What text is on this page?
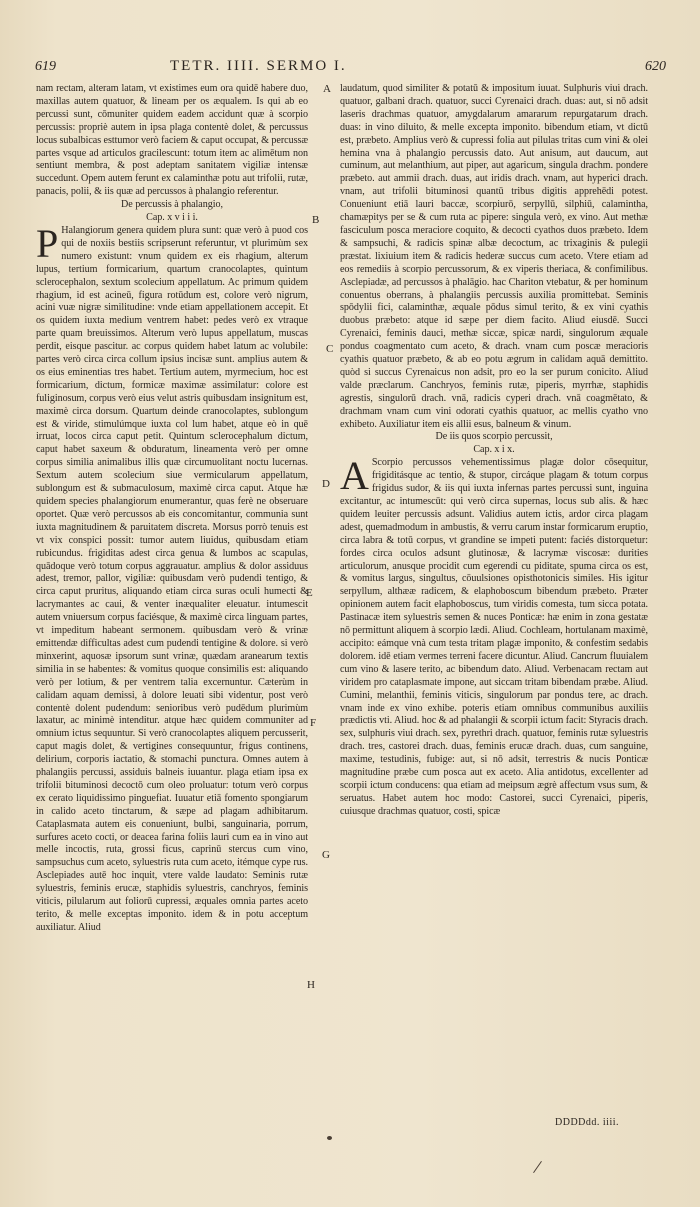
619	TETR. IIII. SERMO I.	620

nam rectam, alteram latam, vt existimes eum ora quidē habere duo, maxillas autem quatuor, & lineam per os æqualem. Is qui ab eo percussi sunt, cōmuniter quidem eadem accidunt quæ à scorpio percussis: propriè autem in ipsa plaga contentè dolet, & percussus locus subalbicas esttumor verò faciem & caput occupat, & percussæ partes vsque ad articulos gracilescunt: totum item ac alimētum non sentiunt membra, & post adeptam sanitatem vigiliæ intensæ succedunt. Opem autem ferunt ex calaminthæ potu aut trifolii, rutæ, panacis, polii, & iis quæ ad percussos à phalangio referentur.

De percussis à phalangio,

Cap. x v i i i.

P Halangiorum genera quidem plura sunt: quæ verò à puod cos qui de noxiis bestiis scripserunt referuntur, vt plurimùm sex numero existunt: vnum quidem ex eis rhagium, alterum lupus, tertium formicarium, quartum cranocolaptes, quintum sclerocephalon, sextum scolecium appellatum. Ac primum quidem rhagium, id est acineū, figura rotūdum est, colore verò nigrum, acini vuæ nigræ similitudine: vnde etiam appellationem accepit. Et os quidem iuxta medium ventrem habet: pedes verò ex vtraque parte quam breuissimos. Alterum verò lupus appellatum, muscas perdit, eisque pascitur. ac corpus quidem habet latum ac volubile: partes verò circa circa collum ipsius incisæ sunt. amplius autem & os eius eminentias tres habet. Tertium autem, myrmecium, hoc est formicarium, dictum, formicæ maximæ assimilatur: colore est fuliginosum, corpus verò eius velut astris quibusdam insignitum est, maximè circa dorsum. Quartum deinde cranocolaptes, sublongum est & viride, stimulúmque iuxta col lum habet, atque eò in quē irruat, locos circa caput petit. Quintum sclerocephalum dictum, caput habet saxeum & obduratum, lineamenta verò per omne corpus similia animalibus illis quæ circumuolitant noctu lucernas. Sextum autem scolecium siue vermicularum appellatum, sublongum est & submaculosum, maximè circa caput. Atque hæ quidem species phalangiorum enumerantur, quas ferè ne obseruare oportet. Quæ verò percussos ab eis concomitantur, communia sunt iuxta magnitudinem & paruitatem discreta. Morsus porrò tenuis est vt vix conspici possit: tumor autem liuidus, quibusdam etiam rubicundus. frigiditas adest circa genua & lumbos ac scapulas, quādoque verò totum corpus aggrauatur. amplius & dolor assiduus adest, tremor, pallor, vigiliæ: quibusdam verò pudendi tentigo, & circa caput pruritus, aliquando etiam circa suras oculi humecti & lacrymantes ac caui, & venter inæqualiter eleuatur. intumescit autem vniuersum corpus faciésque, & maximè circa linguam partes, vt impeditum habeant sermonem. quibusdam verò & vrinæ emittendæ difficultas adest cum pudendi tentigine & dolore. si verò minxerint, aquosæ ipsorum sunt vrinæ, quædam aranearum textis similia in se habentes: & vomitus quoque consimilis est: aliquando verò per lotium, & per ventrem talia excernuntur. Cæterùm in calidam aquam demissi, à dolore leuati sibi videntur, post verò contentè dolent pudendum: senioribus verò pudēdum plurimùm laxatur, ac minimè intenditur. atque hæc quidem communiter ad omnium ictus sequuntur. Si verò cranocolaptes aliquem percusserit, caput magis dolet, & vertigines consequuntur, frigus continens, delirium, corporis iactatio, & stomachi punctura. Omnes autem à phalangiis percussi, assiduis balneis iuuantur. plaga etiam ipsa ex trifolii bituminosi decoctō cum oleo proluatur: totum verò corpus ex cerato liquidissimo pinguefiat. Iuuatur etiā fomento spongiarum in calido aceto tinctarum, & sæpe ad plagam adhibitarum. Cataplasmata autem eis conueniunt, bulbi, sanguinaria, porrum, surfures aceto cocti, or deacea farina foliis lauri cum ea in vino aut melle incoctis, ruta, grossi ficus, caprinū stercus cum vino, sampsuchus cum aceto, syluestris ruta cum aceto, itémque cype rus. Asclepiades autē hoc inquit, vtere valde laudato: Seminis rutæ syluestris, feminis erucæ, staphidis syluestris, canchryos, feminis viticis, pilularum aut foliorū cupressi, æquales omnia partes aceto terito, & melle exceptas imponito. idem & in potu acceptum auxiliatur. Aliud

laudatum, quod similiter & potatū & impositum iuuat. Sulphuris viui drach. quatuor, galbani drach. quatuor, succi Cyrenaici drach. duas: aut, si nō adsit laseris drachmas quatuor, amygdalarum amararum repurgatarum drach. duas: in vino diluito, & melle excepta imponito. bibendum etiam, vt dictū est, præbeto. Amplius verò & cupressi folia aut pilulas tritas cum vini & olei hemina vna à phalangio percussis dato. Aut anisum, aut daucum, aut cuminum, aut melanthium, aut piper, aut agaricum, singula drachm. pondere præbeto. aut ammii drach. duas, aut iridis drach. vnam, aut hyperici drach. vnam, aut trifolii bituminosi quantū tribus digitis apprehēdi potest. Conueniunt etiā lauri baccæ, scorpiurō, serpyllū, silphiū, calamintha, chamæpitys per se & cum ruta ac pipere: singula verò, ex vino. Aut methæ fasciculum posca meraciore coquito, & decocti cyathos duos præbeto. Idem & sampsuchi, & radicis spinæ albæ decoctum, ac trixaginis & pulegii præstat. lixiuium item & radicis hederæ succus cum aceto. Vtere etiam ad eos remediis à scorpio percussorum, & ex viperis theriaca, & confimilibus. Asclepiadæ, ad percussos à phalāgio. hac Chariton vtebatur, & per hominum conuentus oberrans, à phalangiis percussis auxilia promittebat. Seminis spōdylii fici, calaminthæ, æquale pōdus simul terito, & ex vini cyathis duobus præbeto: atque id sæpe per diem facito. Aliud eiusdē. Succi Cyrenaici, feminis dauci, methæ siccæ, spicæ nardi, singulorum æquale pondus coagmentato cum aceto, & drach. vnam cum poscæ meracioris cyathis quatuor præbeto, & ab eo potu ægrum in calidam aquā demittito. quòd si succus Cyrenaicus non adsit, pro eo la ser purum conicito. Aliud valde præclarum. Canchryos, feminis rutæ, piperis, myrrhæ, staphidis agrestis, singulorū drach. vnā, radicis cyperi drach. vnā coagmētato, & drachmam vnam cum vini odorati cyathis quatuor, ac mellis cyatho vno exhibeto. Auxiliatur item eis allii esus, balneum & vinum.

De iis quos scorpio percussit,

Cap. x i x.

A Scorpio percussos vehementissimus plagæ dolor cōsequitur, frigiditásque ac tentio, & stupor, circáque plagam & totum corpus frigidus sudor, & iis qui iuxta infernas partes percussi sunt, inguina excitantur, ac intumescūt: qui verò circa supernas, locus sub alis. & hæc quidem leuiter percussis adsunt. Validius autem ictis, ardor circa plagam adest, quemadmodum in ambustis, & verru carum instar formicarum eruptio, circa labra & totū corpus, vt grandine se impeti putent: faciés distorquetur: fordes circa oculos adsunt glutinosæ, & lacrymæ viscosæ: durities articulorum, anusque procidit cum egerendi cu piditate, spuma circa os est, & vomitus largus, singultus, cōuulsiones opisthotonicis similes. His igitur serpyllum, althææ radicem, & elaphoboscum bibendum præbeto. Præter opinionem autem facit elaphoboscus, tum viridis comesta, tum sicca potata. Pastinacæ item syluestris semen & nuces Ponticæ: hæ enim in zona gestatæ nō permittunt aliquem à scorpio lædi. Aliud. Cochleam, hortulanam maximè, accipito: eámque vnà cum testa tritam plagæ imponito, & confestim sedabis dolorem. idē etiam vermes terreni facere dicuntur. Aliud. Cancrum fluuialem cum vino & lasere terito, ac bibendum dato. Aliud. Verbenacam rectam aut viridem pro cataplasmate impone, aut siccam tritam bibendam præbe. Aliud. Cumini, melanthii, feminis viticis, singulorum par pondus tere, ac drach. vnam inde ex vino exhibe. poteris etiam omnibus communibus auxiliis prædictis vti. Aliud. hoc & ad phalangii & scorpii ictum facit: Styracis drach. sex, sulphuris viui drach. sex, pyrethri drach. quatuor, feminis rutæ syluestris drach. tres, castorei drach. duas, feminis erucæ drach. duas, cum sanguine, maxime, testudinis, fubige: aut, si nō adsit, terrestris & nucis Ponticæ magnitudine præbe cum posca aut ex aceto. Alia antidotus, excellenter ad scorpii ictum conducens: qua etiam ad meipsum ægrè affectum vsus sum, & seruatus. Habet autem hoc modo: Castorei, succi Cyrenaici, piperis, cuiusque drachmas quatuor, costi, spicæ

A
B
C
D
E
F
G
H
DDDDdd. iiii.
